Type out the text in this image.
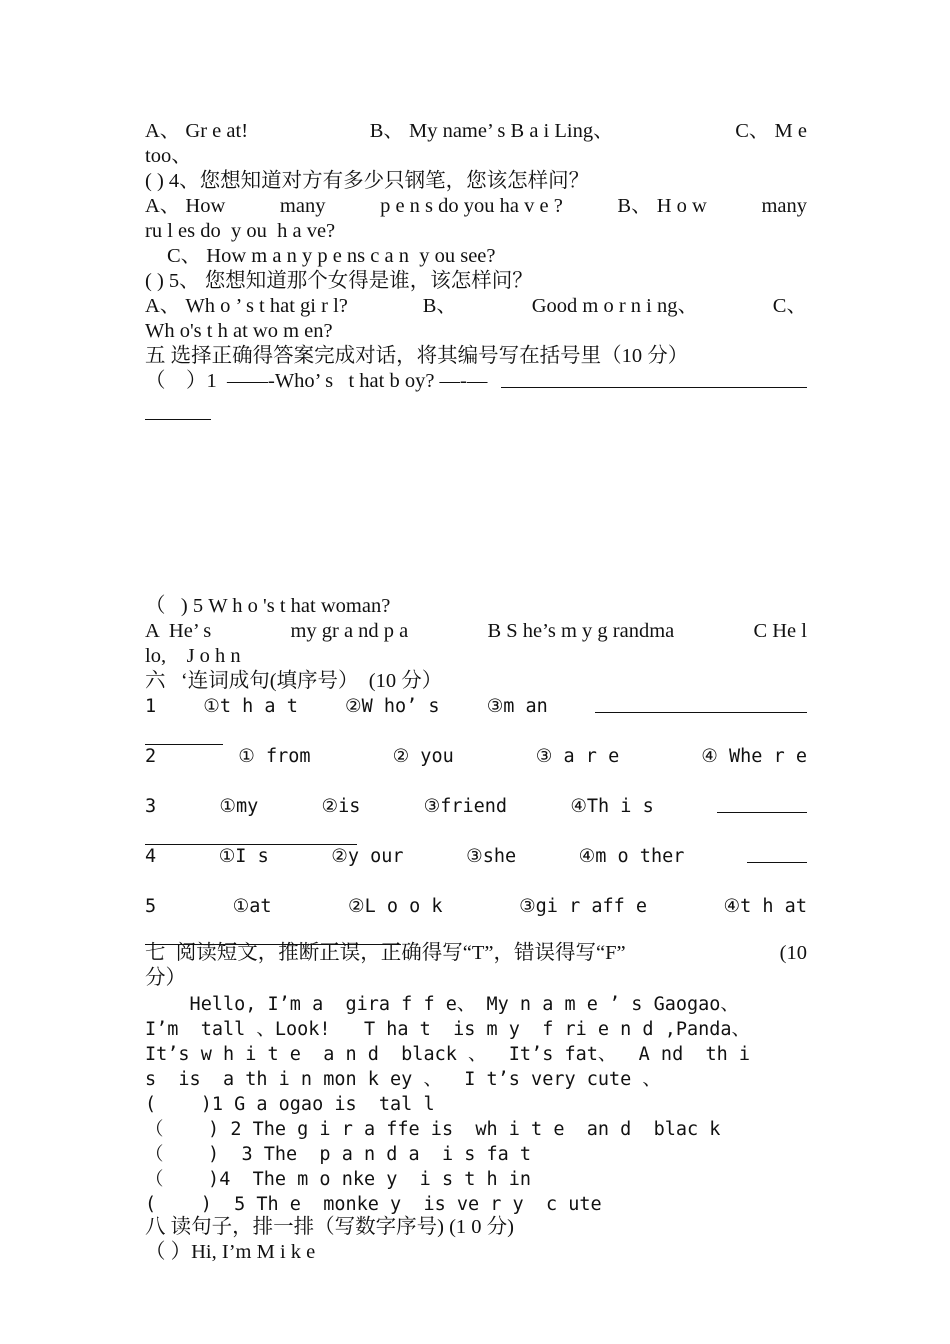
A、 Gr e at!	B、 My name’ s B a i Ling、	C、 M e
too、
( ) 4、您想知道对方有多少只钢笔，您该怎样问？
A、 How	many	p e n s do you ha v e ?	B、 H o w	many
ru l es do  y ou  h a ve?
C、 How m a n y p e ns c a n  y ou see?
( ) 5、 您想知道那个女得是谁，该怎样问？
A、 Wh o ’ s t hat gi r l?	B、	Good m o r n i ng、	C、
Wh o's t h at wo m en?
五 选择正确得答案完成对话，将其编号写在括号里（10 分）
（    ）1  ——-Who’ s   t hat b oy? —-—

（   ) 5 W h o 's t hat woman?
A  He’ s	my gr a nd p a	B S he’s m y g randma	C He l
lo,    J o h n
六   ‘连词成句(填序号）  (10 分）
1	①t h a t	②W ho’ s	③m an
2	① from	② you	③ a r e	④ Whe r e

3	①my	②is	③friend	④Th i s
4	①I s	②y our	③she	④m o ther

5	①at	②L o o k	③gi r aff e	④t h at
七  阅读短文，推断正误，正确得写“T”，错误得写“F”	(10
分）
Hello, I’m a  gira f f e、 My n a m e ’ s Gaogao、
I’m  tall 、Look!   T ha t  is m y  f ri e n d ,Panda、
It’s w h i t e  a n d  black 、  It’s fat、  A nd  th i
s  is  a th i n mon k ey 、  I t’s very cute 、
(    )1 G a ogao is  tal l
（    ) 2 The g i r a ffe is  wh i t e  an d  blac k
（    )  3 The  p a n d a  i s fa t
（    )4  The m o nke y  i s t h in
(    )  5 Th e  monke y  is ve r y  c ute
八 读句子，排一排（写数字序号) (1 0 分)
（ ）Hi, I’m M i k e
